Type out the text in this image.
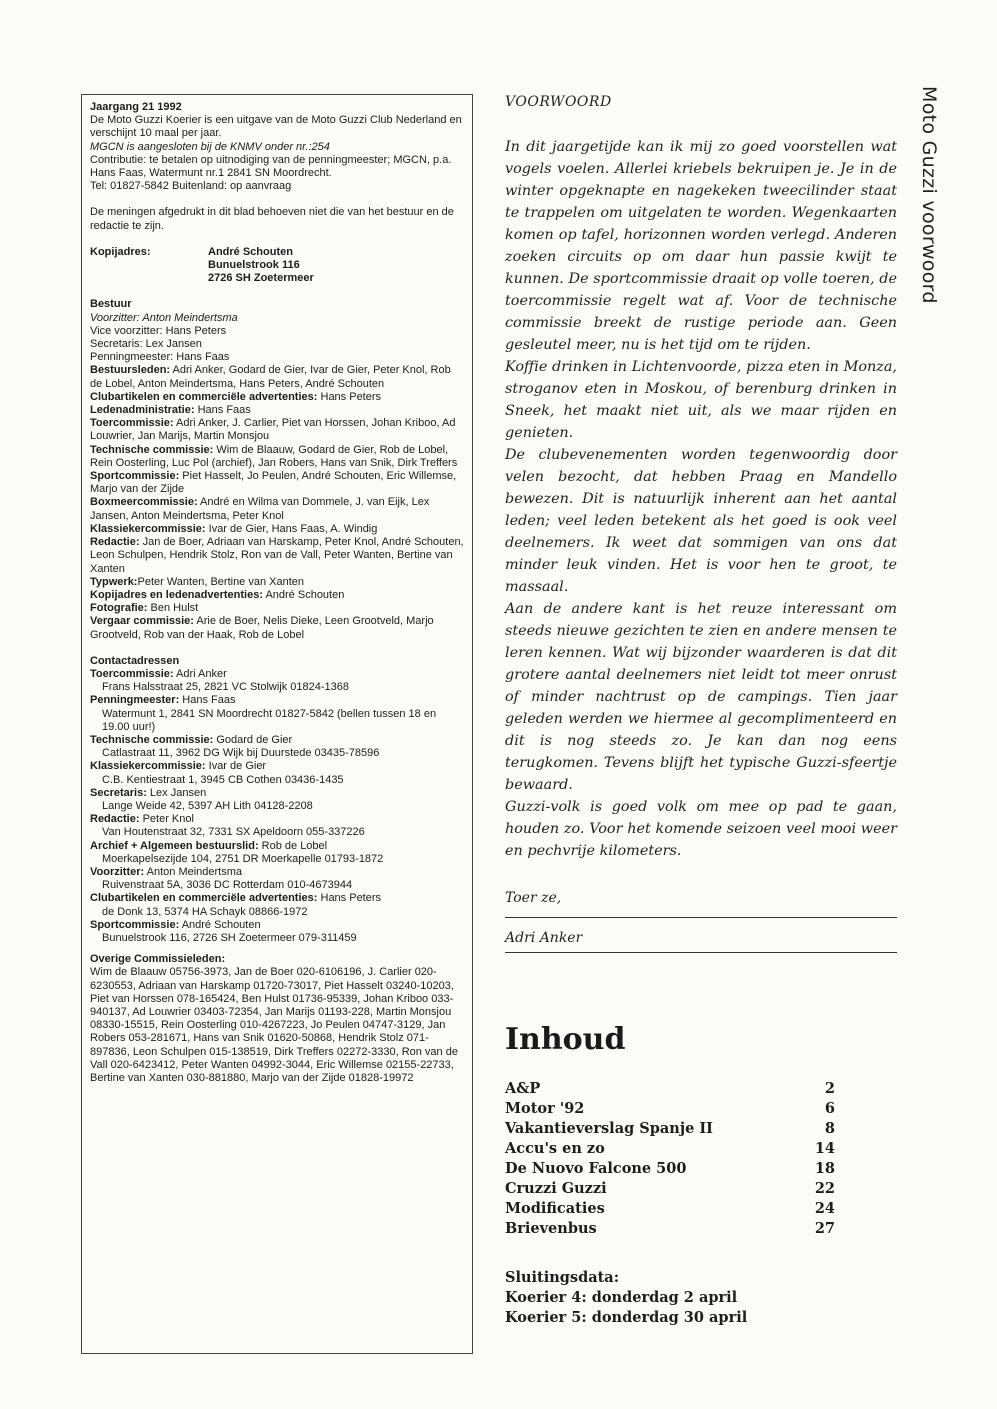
Moto Guzzi voorwoord

Jaargang 21 1992

De Moto Guzzi Koerier is een uitgave van de Moto Guzzi Club Nederland en verschijnt 10 maal per jaar.

MGCN is aangesloten bij de KNMV onder nr.:254

Contributie: te betalen op uitnodiging van de penningmeester; MGCN, p.a. Hans Faas, Watermunt nr.1 2841 SN Moordrecht.

Tel: 01827-5842 Buitenland: op aanvraag

De meningen afgedrukt in dit blad behoeven niet die van het bestuur en de redactie te zijn.

Kopijadres:	André Schouten
Bunuelstrook 116
2726 SH Zoetermeer

Bestuur

Voorzitter: Anton Meindertsma

Vice voorzitter: Hans Peters

Secretaris: Lex Jansen

Penningmeester: Hans Faas

Bestuursleden: Adri Anker, Godard de Gier, Ivar de Gier, Peter Knol, Rob de Lobel, Anton Meindertsma, Hans Peters, André Schouten

Clubartikelen en commerciële advertenties: Hans Peters

Ledenadministratie: Hans Faas

Toercommissie: Adri Anker, J. Carlier, Piet van Horssen, Johan Kriboo, Ad Louwrier, Jan Marijs, Martin Monsjou

Technische commissie: Wim de Blaauw, Godard de Gier, Rob de Lobel, Rein Oosterling, Luc Pol (archief), Jan Robers, Hans van Snik, Dirk Treffers

Sportcommissie: Piet Hasselt, Jo Peulen, André Schouten, Eric Willemse, Marjo van der Zijde

Boxmeercommissie: André en Wilma van Dommele, J. van Eijk, Lex Jansen, Anton Meindertsma, Peter Knol

Klassiekercommissie: Ivar de Gier, Hans Faas, A. Windig

Redactie: Jan de Boer, Adriaan van Harskamp, Peter Knol, André Schouten, Leon Schulpen, Hendrik Stolz, Ron van de Vall, Peter Wanten, Bertine van Xanten

Typwerk:Peter Wanten, Bertine van Xanten

Kopijadres en ledenadvertenties: André Schouten

Fotografie: Ben Hulst

Vergaar commissie: Arie de Boer, Nelis Dieke, Leen Grootveld, Marjo Grootveld, Rob van der Haak, Rob de Lobel

Contactadressen

Toercommissie: Adri Anker

Frans Halsstraat 25, 2821 VC Stolwijk 01824-1368

Penningmeester: Hans Faas

Watermunt 1, 2841 SN Moordrecht 01827-5842 (bellen tussen 18 en 19.00 uur!)

Technische commissie: Godard de Gier

Catlastraat 11, 3962 DG Wijk bij Duurstede 03435-78596

Klassiekercommissie: Ivar de Gier

C.B. Kentiestraat 1, 3945 CB Cothen 03436-1435

Secretaris: Lex Jansen

Lange Weide 42, 5397 AH Lith 04128-2208

Redactie: Peter Knol

Van Houtenstraat 32, 7331 SX Apeldoorn 055-337226

Archief + Algemeen bestuurslid: Rob de Lobel

Moerkapelsezijde 104, 2751 DR Moerkapelle 01793-1872

Voorzitter: Anton Meindertsma

Ruivenstraat 5A, 3036 DC Rotterdam 010-4673944

Clubartikelen en commerciële advertenties: Hans Peters

de Donk 13, 5374 HA Schayk 08866-1972

Sportcommissie: André Schouten

Bunuelstrook 116, 2726 SH Zoetermeer 079-311459

Overige Commissieleden:

Wim de Blaauw 05756-3973, Jan de Boer 020-6106196, J. Carlier 020-6230553, Adriaan van Harskamp 01720-73017, Piet Hasselt 03240-10203, Piet van Horssen 078-165424, Ben Hulst 01736-95339, Johan Kriboo 033-940137, Ad Louwrier 03403-72354, Jan Marijs 01193-228, Martin Monsjou 08330-15515, Rein Oosterling 010-4267223, Jo Peulen 04747-3129, Jan Robers 053-281671, Hans van Snik 01620-50868, Hendrik Stolz 071-897836, Leon Schulpen 015-138519, Dirk Treffers 02272-3330, Ron van de Vall 020-6423412, Peter Wanten 04992-3044, Eric Willemse 02155-22733, Bertine van Xanten 030-881880, Marjo van der Zijde 01828-19972

VOORWOORD

In dit jaargetijde kan ik mij zo goed voorstellen wat vogels voelen. Allerlei kriebels bekruipen je. Je in de winter opgeknapte en nagekeken tweecilinder staat te trappelen om uitgelaten te worden. Wegenkaarten komen op tafel, horizonnen worden verlegd. Anderen zoeken circuits op om daar hun passie kwijt te kunnen. De sportcommissie draait op volle toeren, de toercommissie regelt wat af. Voor de technische commissie breekt de rustige periode aan. Geen gesleutel meer, nu is het tijd om te rijden.

Koffie drinken in Lichtenvoorde, pizza eten in Monza, stroganov eten in Moskou, of berenburg drinken in Sneek, het maakt niet uit, als we maar rijden en genieten.

De clubevenementen worden tegenwoordig door velen bezocht, dat hebben Praag en Mandello bewezen. Dit is natuurlijk inherent aan het aantal leden; veel leden betekent als het goed is ook veel deelnemers. Ik weet dat sommigen van ons dat minder leuk vinden. Het is voor hen te groot, te massaal.

Aan de andere kant is het reuze interessant om steeds nieuwe gezichten te zien en andere mensen te leren kennen. Wat wij bijzonder waarderen is dat dit grotere aantal deelnemers niet leidt tot meer onrust of minder nachtrust op de campings. Tien jaar geleden werden we hiermee al gecomplimenteerd en dit is nog steeds zo. Je kan dan nog eens terugkomen. Tevens blijft het typische Guzzi-sfeertje bewaard.

Guzzi-volk is goed volk om mee op pad te gaan, houden zo. Voor het komende seizoen veel mooi weer en pechvrije kilometers.

Toer ze,

Adri Anker

Inhoud
A&P	2
Motor '92	6
Vakantieverslag Spanje II	8
Accu's en zo	14
De Nuovo Falcone 500	18
Cruzzi Guzzi	22
Modificaties	24
Brievenbus	27

Sluitingsdata:

Koerier 4: donderdag 2 april

Koerier 5: donderdag 30 april
